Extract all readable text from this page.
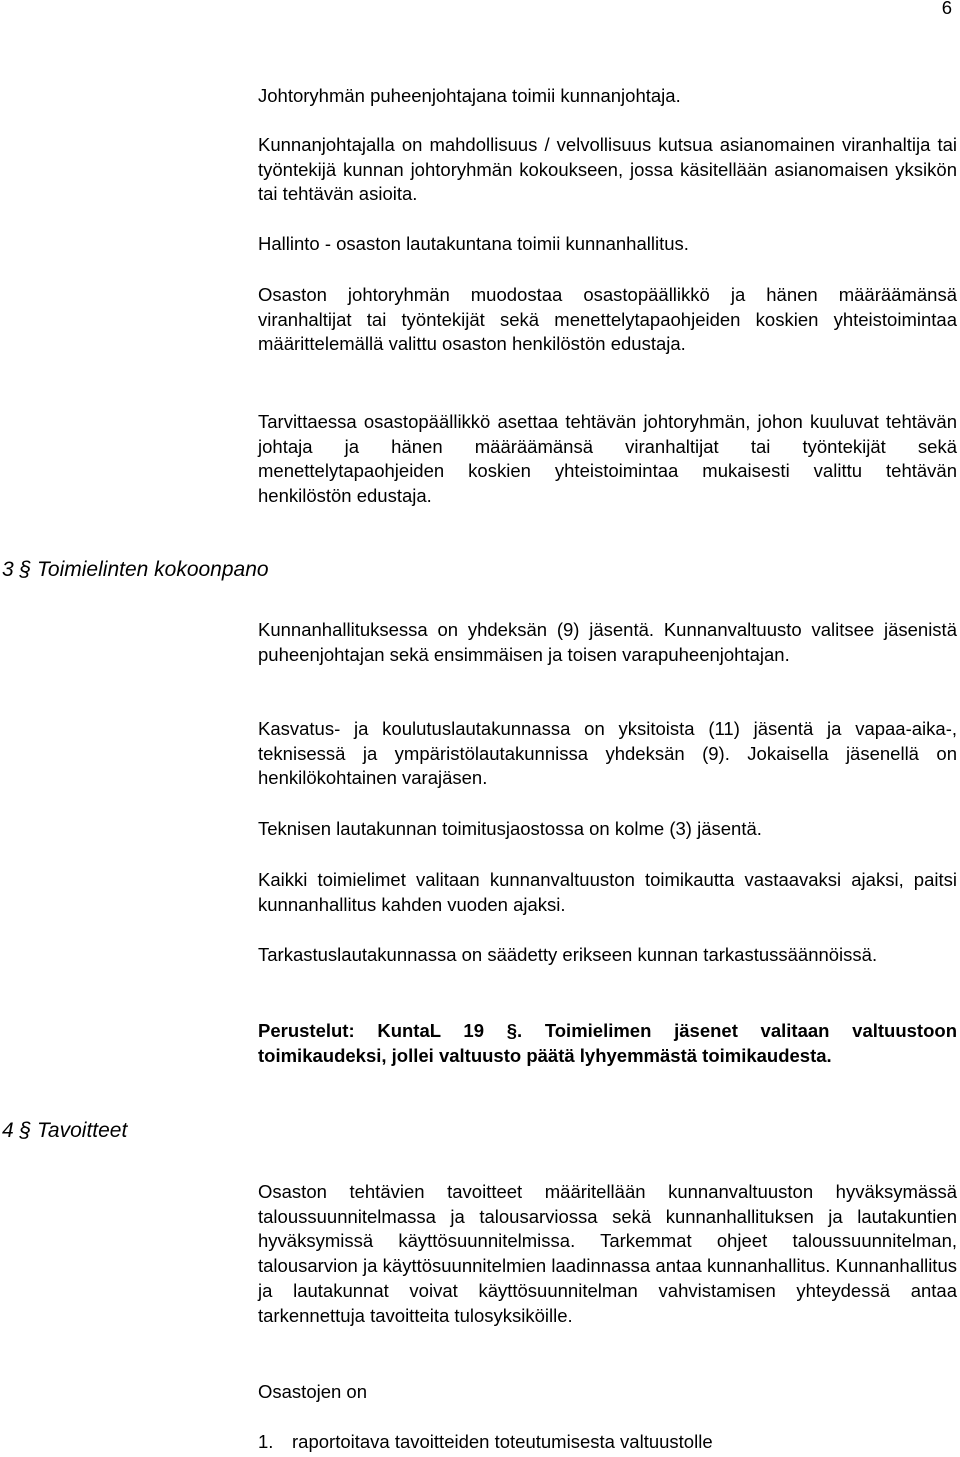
6

Johtoryhmän puheenjohtajana toimii kunnanjohtaja.

Kunnanjohtajalla on mahdollisuus / velvollisuus kutsua asianomainen viranhaltija tai työntekijä kunnan johtoryhmän kokoukseen, jossa käsitellään asianomaisen yksikön tai tehtävän asioita.

Hallinto - osaston lautakuntana toimii kunnanhallitus.

Osaston johtoryhmän muodostaa osastopäällikkö ja hänen määräämänsä viranhaltijat tai työntekijät sekä menettelytapaohjeiden koskien yhteistoimintaa määrittelemällä valittu osaston henkilöstön edustaja.

Tarvittaessa osastopäällikkö asettaa tehtävän johtoryhmän, johon kuuluvat tehtävän johtaja ja hänen määräämänsä viranhaltijat tai työntekijät sekä menettelytapaohjeiden koskien yhteistoimintaa mukaisesti valittu tehtävän henkilöstön edustaja.

3 § Toimielinten kokoonpano

Kunnanhallituksessa on yhdeksän (9) jäsentä. Kunnanvaltuusto valitsee jäsenistä puheenjohtajan sekä ensimmäisen ja toisen varapuheenjohtajan.

Kasvatus- ja koulutuslautakunnassa on yksitoista (11) jäsentä ja vapaa-aika-, teknisessä ja ympäristölautakunnissa yhdeksän (9). Jokaisella jäsenellä on henkilökohtainen varajäsen.

Teknisen lautakunnan toimitusjaostossa on kolme (3) jäsentä.

Kaikki toimielimet valitaan kunnanvaltuuston toimikautta vastaavaksi ajaksi, paitsi kunnanhallitus kahden vuoden ajaksi.

Tarkastuslautakunnassa on säädetty erikseen kunnan tarkastussäännöissä.

Perustelut: KuntaL 19 §. Toimielimen jäsenet valitaan valtuustoon toimikaudeksi, jollei valtuusto päätä lyhyemmästä toimikaudesta.

4 § Tavoitteet

Osaston tehtävien tavoitteet määritellään kunnanvaltuuston hyväksymässä taloussuunnitelmassa ja talousarviossa sekä kunnanhallituksen ja lautakuntien hyväksymissä käyttösuunnitelmissa. Tarkemmat ohjeet taloussuunnitelman, talousarvion ja käyttösuunnitelmien laadinnassa antaa kunnanhallitus. Kunnanhallitus ja lautakunnat voivat käyttösuunnitelman vahvistamisen yhteydessä antaa tarkennettuja tavoitteita tulosyksiköille.

Osastojen on

1. raportoitava tavoitteiden toteutumisesta valtuustolle
